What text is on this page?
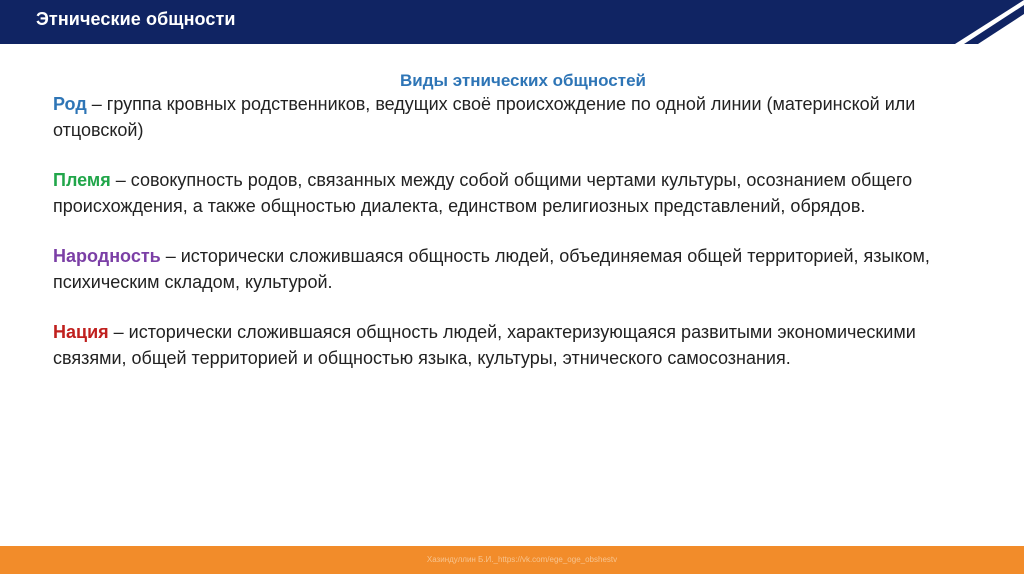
Этнические общности

Виды этнических общностей

Род – группа кровных родственников, ведущих своё происхождение по одной линии (материнской или отцовской)

Племя – совокупность родов, связанных между собой общими чертами культуры, осознанием общего происхождения, а также общностью диалекта, единством религиозных представлений, обрядов.

Народность – исторически сложившаяся общность людей, объединяемая общей территорией, языком, психическим складом, культурой.

Нация – исторически сложившаяся общность людей, характеризующаяся развитыми экономическими связями, общей территорией и общностью языка, культуры, этнического самосознания.

Хазиндуллин Б.И._https://vk.com/ege_oge_obshestv
